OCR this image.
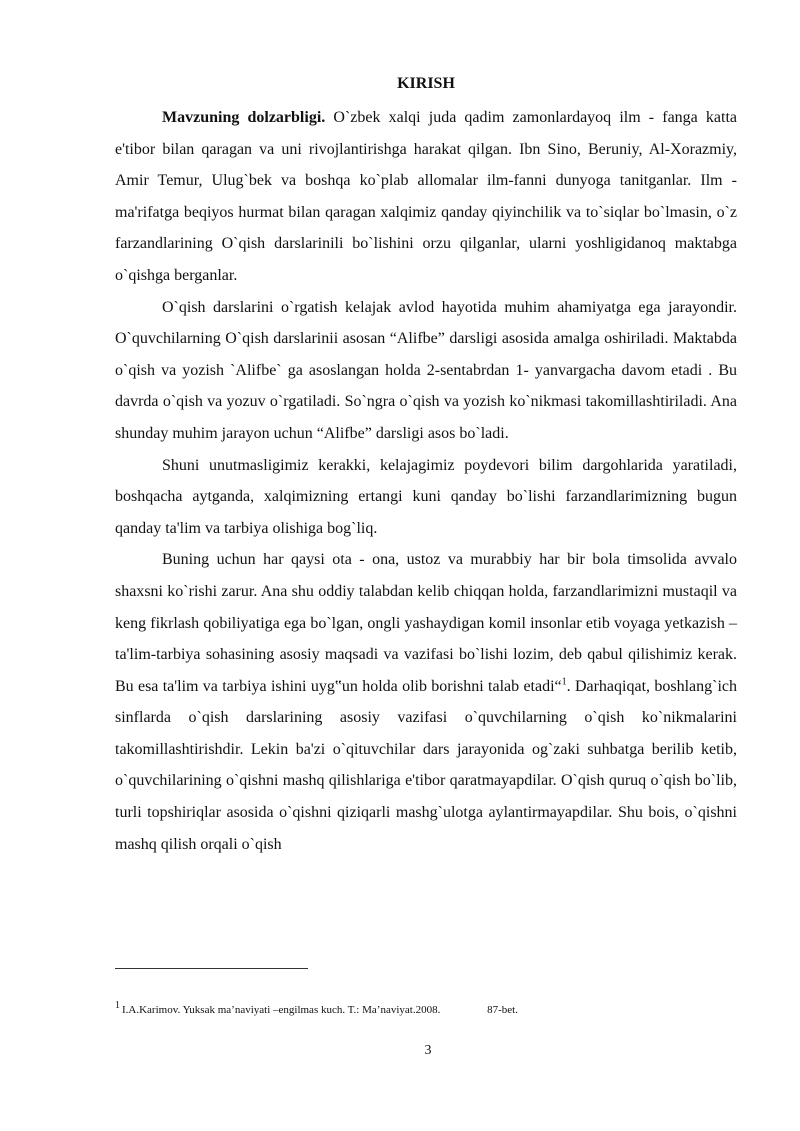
KIRISH

Mavzuning dolzarbligi. O`zbek xalqi juda qadim zamonlardayoq ilm - fanga katta e'tibor bilan qaragan va uni rivojlantirishga harakat qilgan. Ibn Sino, Beruniy, Al-Xorazmiy, Amir Temur, Ulug`bek va boshqa ko`plab allomalar ilm-fanni dunyoga tanitganlar. Ilm - ma'rifatga beqiyos hurmat bilan qaragan xalqimiz qanday qiyinchilik va to`siqlar bo`lmasin, o`z farzandlarining O`qish darslarinili bo`lishini orzu qilganlar, ularni yoshligidanoq maktabga o`qishga berganlar.

O`qish darslarini o`rgatish kelajak avlod hayotida muhim ahamiyatga ega jarayondir. O`quvchilarning O`qish darslarinii asosan “Alifbe” darsligi asosida amalga oshiriladi. Maktabda o`qish va yozish `Alifbe` ga asoslangan holda 2-sentabrdan 1- yanvargacha davom etadi . Bu davrda o`qish va yozuv o`rgatiladi. So`ngra o`qish va yozish ko`nikmasi takomillashtiriladi. Ana shunday muhim jarayon uchun “Alifbe” darsligi asos bo`ladi.

Shuni unutmasligimiz kerakki, kelajagimiz poydevori bilim dargohlarida yaratiladi, boshqacha aytganda, xalqimizning ertangi kuni qanday bo`lishi farzandlarimizning bugun qanday ta'lim va tarbiya olishiga bog`liq.

Buning uchun har qaysi ota - ona, ustoz va murabbiy har bir bola timsolida avvalo shaxsni ko`rishi zarur. Ana shu oddiy talabdan kelib chiqqan holda, farzandlarimizni mustaqil va keng fikrlash qobiliyatiga ega bo`lgan, ongli yashaydigan komil insonlar etib voyaga yetkazish – ta'lim-tarbiya sohasining asosiy maqsadi va vazifasi bo`lishi lozim, deb qabul qilishimiz kerak. Bu esa ta'lim va tarbiya ishini uyg‟un holda olib borishni talab etadi“$^1$. Darhaqiqat, boshlang`ich sinflarda o`qish darslarining asosiy vazifasi o`quvchilarning o`qish ko`nikmalarini takomillashtirishdir. Lekin ba'zi o`qituvchilar dars jarayonida og`zaki suhbatga berilib ketib, o`quvchilarining o`qishni mashq qilishlariga e'tibor qaratmayapdilar. O`qish quruq o`qish bo`lib, turli topshiriqlar asosida o`qishni qiziqarli mashg`ulotga aylantirmayapdilar. Shu bois, o`qishni mashq qilish orqali o`qish

1 I.A.Karimov. Yuksak ma’naviyati –engilmas kuch. T.: Ma’naviyat.2008.                 87-bet.
3
